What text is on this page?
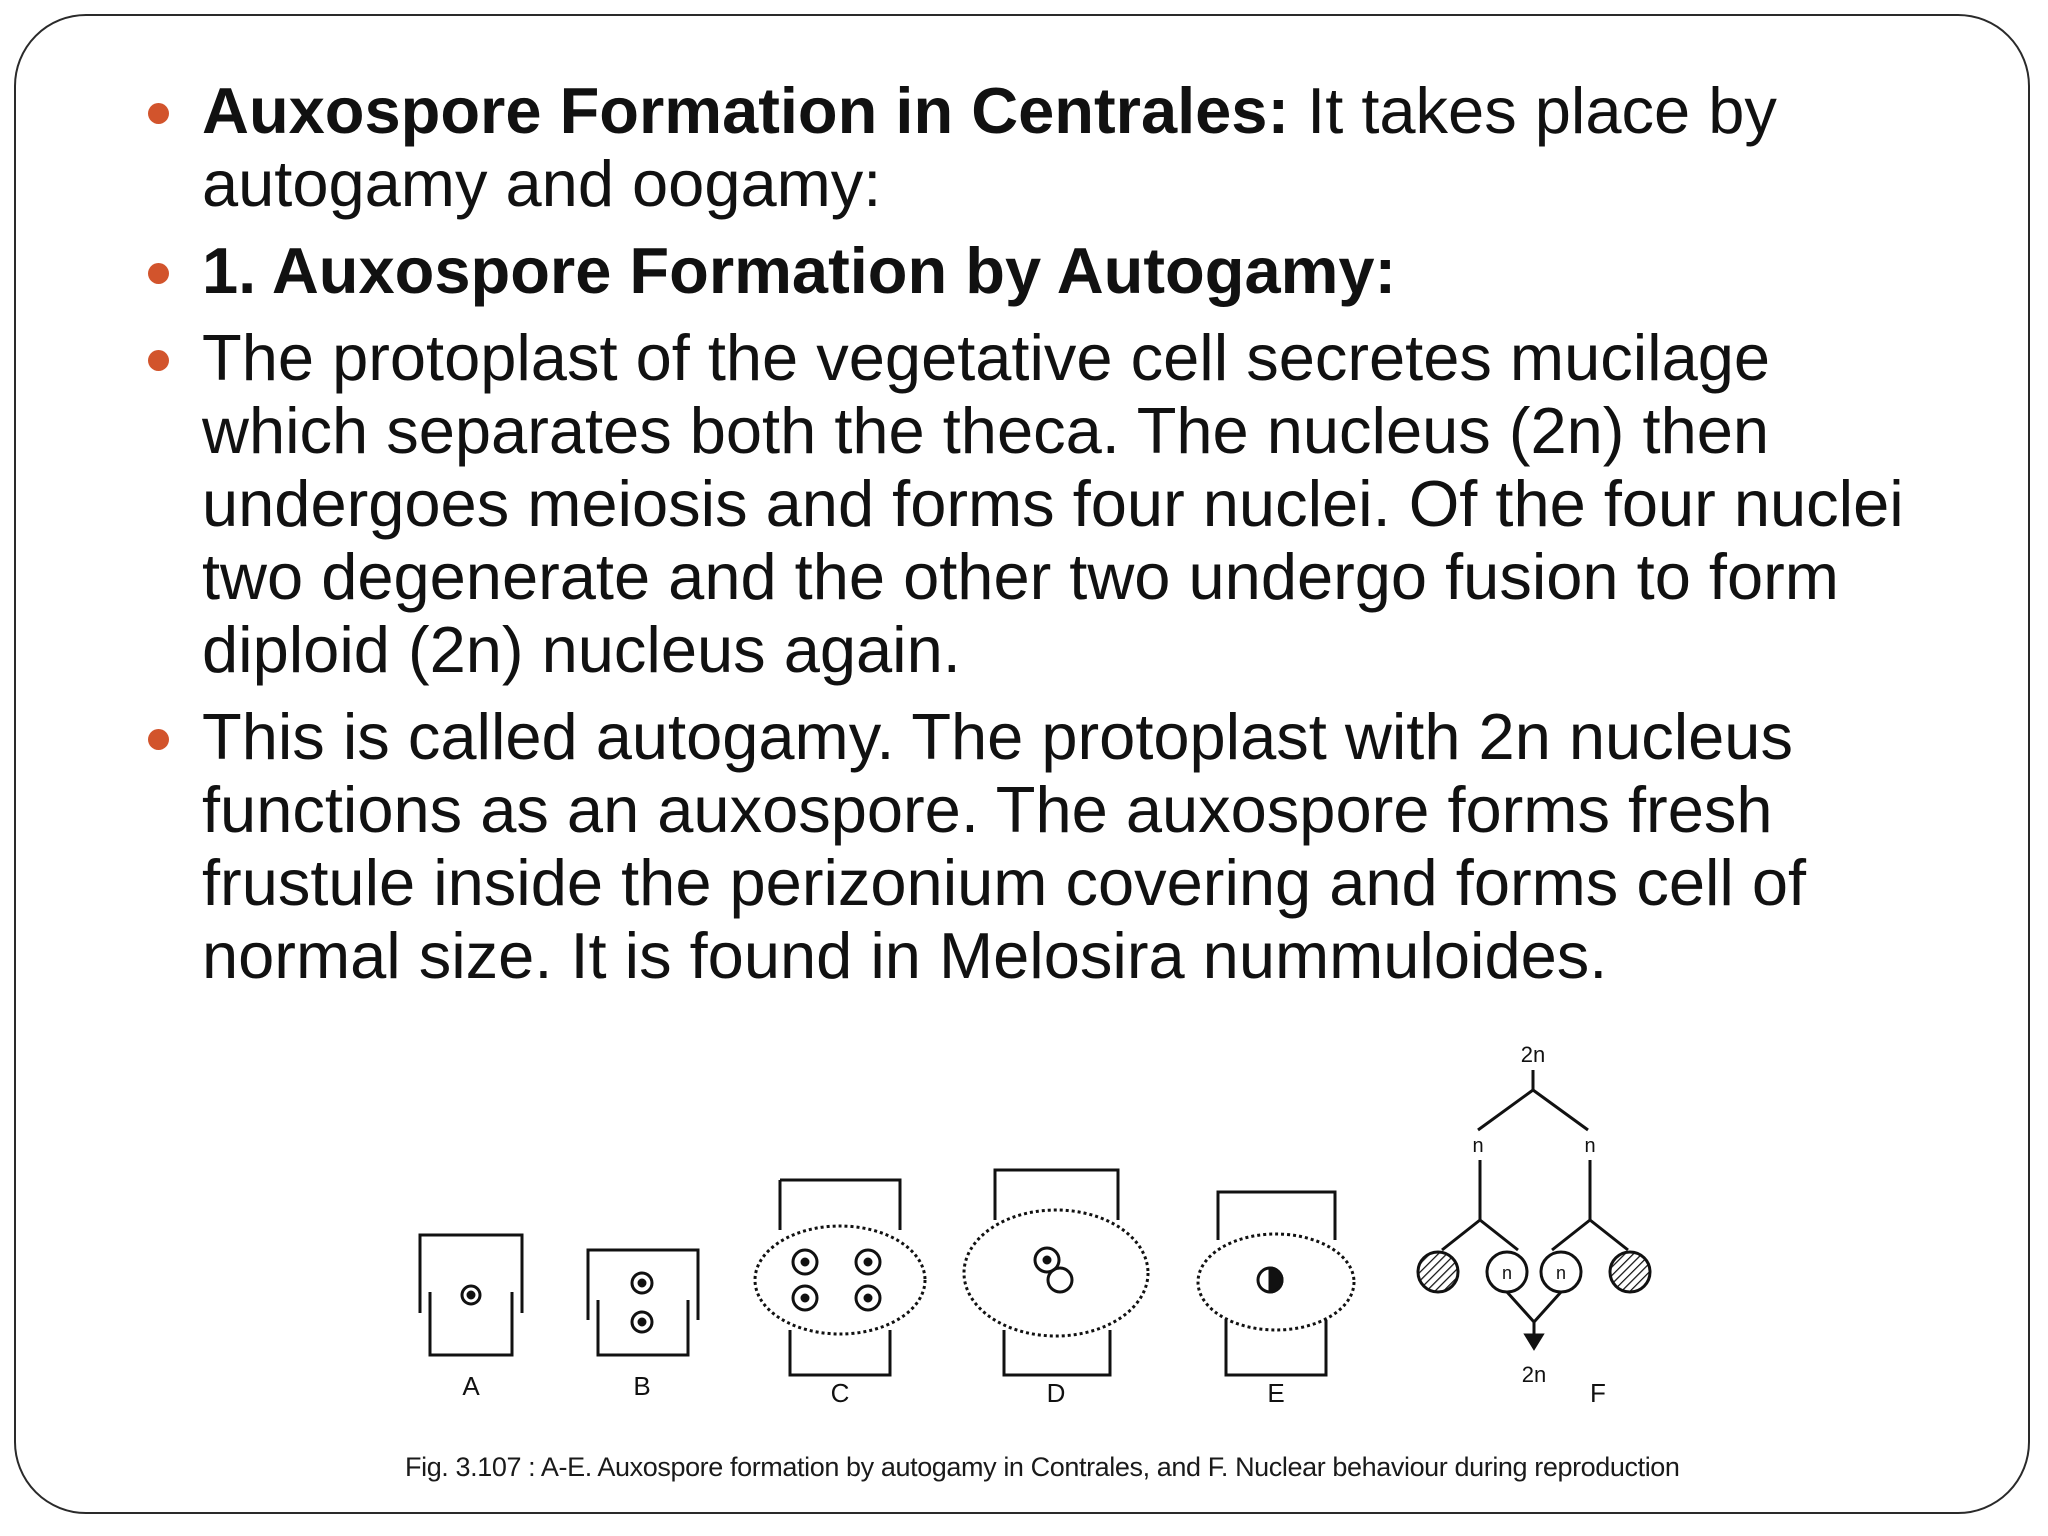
Auxospore Formation in Centrales: It takes place by autogamy and oogamy:
1. Auxospore Formation by Autogamy:
The protoplast of the vegetative cell secretes mucilage which separates both the theca. The nucleus (2n) then undergoes meiosis and forms four nuclei. Of the four nuclei two degenerate and the other two undergo fusion to form diploid (2n) nucleus again.
This is called autogamy. The protoplast with 2n nucleus functions as an auxospore. The auxospore forms fresh frustule inside the perizonium covering and forms cell of normal size. It is found in Melosira nummuloides.
A	B	C	D	E	F
2n
n	n
n n
2n
Fig. 3.107 : A-E. Auxospore formation by autogamy in Contrales, and F. Nuclear behaviour during reproduction
